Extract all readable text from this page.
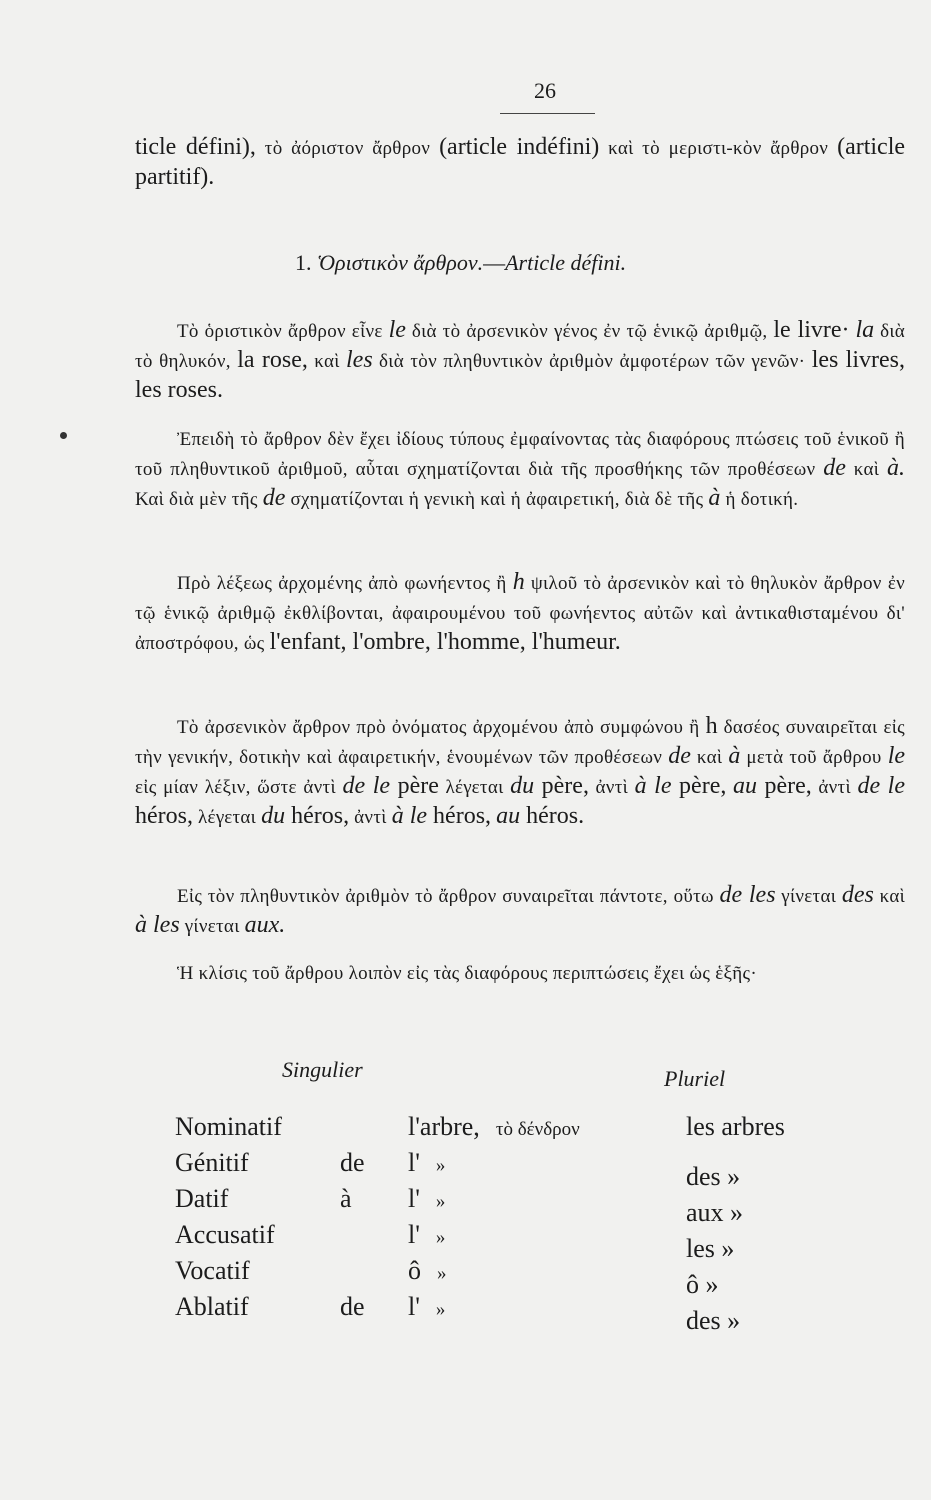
26
ticle défini), τὸ ἀόριστον ἄρθρον (article indéfini) καὶ τὸ μεριστι-κὸν ἄρθρον (article partitif).
1. Ὁριστικὸν ἄρθρον.—Article défini.
Τὸ ὁριστικὸν ἄρθρον εἶνε le διὰ τὸ ἀρσενικὸν γένος ἐν τῷ ἑνικῷ ἀριθμῷ, le livre· la διὰ τὸ θηλυκόν, la rose, καὶ les διὰ τὸν πληθυντικὸν ἀριθμὸν ἀμφοτέρων τῶν γενῶν· les livres, les roses.
Ἐπειδὴ τὸ ἄρθρον δὲν ἔχει ἰδίους τύπους ἐμφαίνοντας τὰς διαφόρους πτώσεις τοῦ ἑνικοῦ ἢ τοῦ πληθυντικοῦ ἀριθμοῦ, αὗται σχηματίζονται διὰ τῆς προσθήκης τῶν προθέσεων de καὶ à. Καὶ διὰ μὲν τῆς de σχηματίζονται ἡ γενικὴ καὶ ἡ ἀφαιρετική, διὰ δὲ τῆς à ἡ δοτική.
Πρὸ λέξεως ἀρχομένης ἀπὸ φωνήεντος ἢ h ψιλοῦ τὸ ἀρσενικὸν καὶ τὸ θηλυκὸν ἄρθρον ἐν τῷ ἑνικῷ ἀριθμῷ ἐκθλίβονται, ἀφαιρουμένου τοῦ φωνήεντος αὐτῶν καὶ ἀντικαθισταμένου δι' ἀποστρόφου, ὡς l'enfant, l'ombre, l'homme, l'humeur.
Τὸ ἀρσενικὸν ἄρθρον πρὸ ὀνόματος ἀρχομένου ἀπὸ συμφώνου ἢ h δασέος συναιρεῖται εἰς τὴν γενικήν, δοτικὴν καὶ ἀφαιρετικήν, ἑνουμένων τῶν προθέσεων de καὶ à μετὰ τοῦ ἄρθρου le εἰς μίαν λέξιν, ὥστε ἀντὶ de le père λέγεται du père, ἀντὶ à le père, au père, ἀντὶ de le héros, λέγεται du héros, ἀντὶ à le héros, au héros.
Εἰς τὸν πληθυντικὸν ἀριθμὸν τὸ ἄρθρον συναιρεῖται πάντοτε, οὕτω de les γίνεται des καὶ à les γίνεται aux.
Ἡ κλίσις τοῦ ἄρθρου λοιπὸν εἰς τὰς διαφόρους περιπτώσεις ἔχει ὡς ἑξῆς·
Singulier	Pluriel
Nominatif	l'arbre, τὸ δένδρον	les arbres
Génitif	de l' »	des »
Datif	à l' »	aux »
Accusatif	l' »	les »
Vocatif	ô »	ô »
Ablatif	de l' »	des »
